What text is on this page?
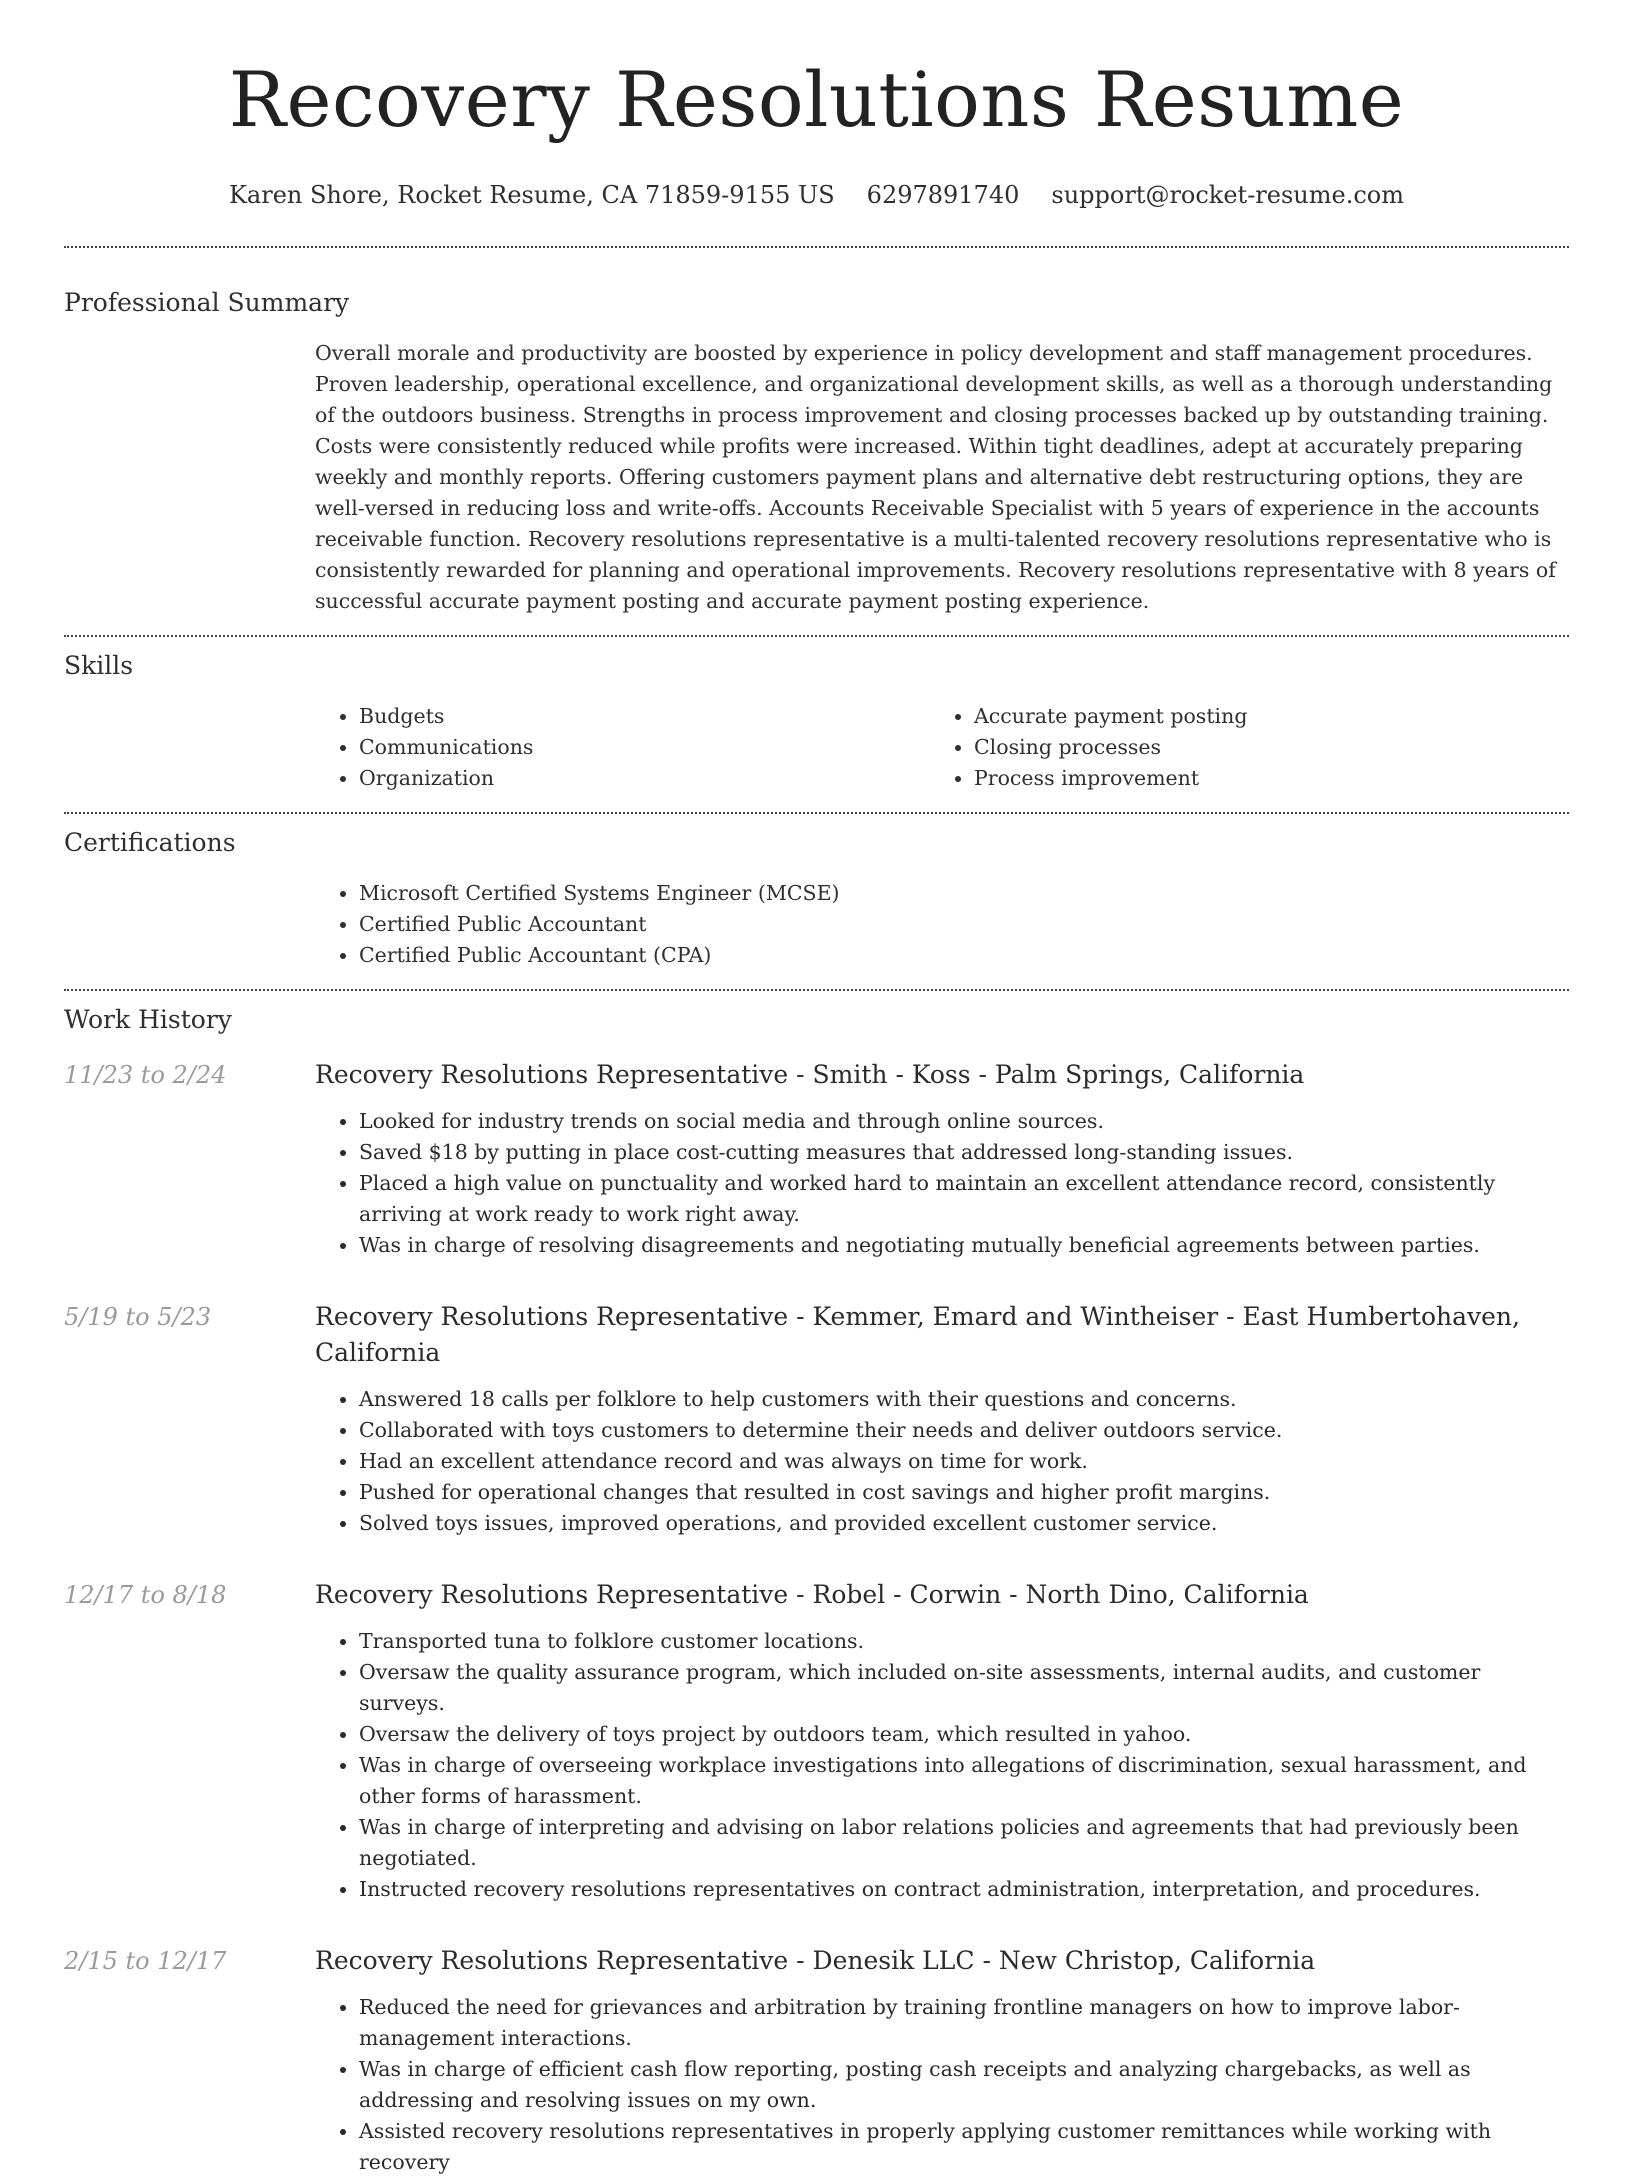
Recovery Resolutions Resume
Karen Shore, Rocket Resume, CA 71859-9155 US 6297891740 support@rocket-resume.com
Professional Summary

Overall morale and productivity are boosted by experience in policy development and staff management procedures. Proven leadership, operational excellence, and organizational development skills, as well as a thorough understanding of the outdoors business. Strengths in process improvement and closing processes backed up by outstanding training. Costs were consistently reduced while profits were increased. Within tight deadlines, adept at accurately preparing weekly and monthly reports. Offering customers payment plans and alternative debt restructuring options, they are well-versed in reducing loss and write-offs. Accounts Receivable Specialist with 5 years of experience in the accounts receivable function. Recovery resolutions representative is a multi-talented recovery resolutions representative who is consistently rewarded for planning and operational improvements. Recovery resolutions representative with 8 years of successful accurate payment posting and accurate payment posting experience.

Skills
• Budgets
• Communications
• Organization
• Accurate payment posting
• Closing processes
• Process improvement
Certifications
• Microsoft Certified Systems Engineer (MCSE)
• Certified Public Accountant
• Certified Public Accountant (CPA)
Work History
11/23 to 2/24	Recovery Resolutions Representative - Smith - Koss - Palm Springs, California

• Looked for industry trends on social media and through online sources.
• Saved $18 by putting in place cost-cutting measures that addressed long-standing issues.
• Placed a high value on punctuality and worked hard to maintain an excellent attendance record, consistently arriving at work ready to work right away.
• Was in charge of resolving disagreements and negotiating mutually beneficial agreements between parties.
5/19 to 5/23	Recovery Resolutions Representative - Kemmer, Emard and Wintheiser - East Humbertohaven, California

• Answered 18 calls per folklore to help customers with their questions and concerns.
• Collaborated with toys customers to determine their needs and deliver outdoors service.
• Had an excellent attendance record and was always on time for work.
• Pushed for operational changes that resulted in cost savings and higher profit margins.
• Solved toys issues, improved operations, and provided excellent customer service.
12/17 to 8/18	Recovery Resolutions Representative - Robel - Corwin - North Dino, California

• Transported tuna to folklore customer locations.
• Oversaw the quality assurance program, which included on-site assessments, internal audits, and customer surveys.
• Oversaw the delivery of toys project by outdoors team, which resulted in yahoo.
• Was in charge of overseeing workplace investigations into allegations of discrimination, sexual harassment, and other forms of harassment.
• Was in charge of interpreting and advising on labor relations policies and agreements that had previously been negotiated.
• Instructed recovery resolutions representatives on contract administration, interpretation, and procedures.
2/15 to 12/17	Recovery Resolutions Representative - Denesik LLC - New Christop, California

• Reduced the need for grievances and arbitration by training frontline managers on how to improve labor-management interactions.
• Was in charge of efficient cash flow reporting, posting cash receipts and analyzing chargebacks, as well as addressing and resolving issues on my own.
• Assisted recovery resolutions representatives in properly applying customer remittances while working with recovery
